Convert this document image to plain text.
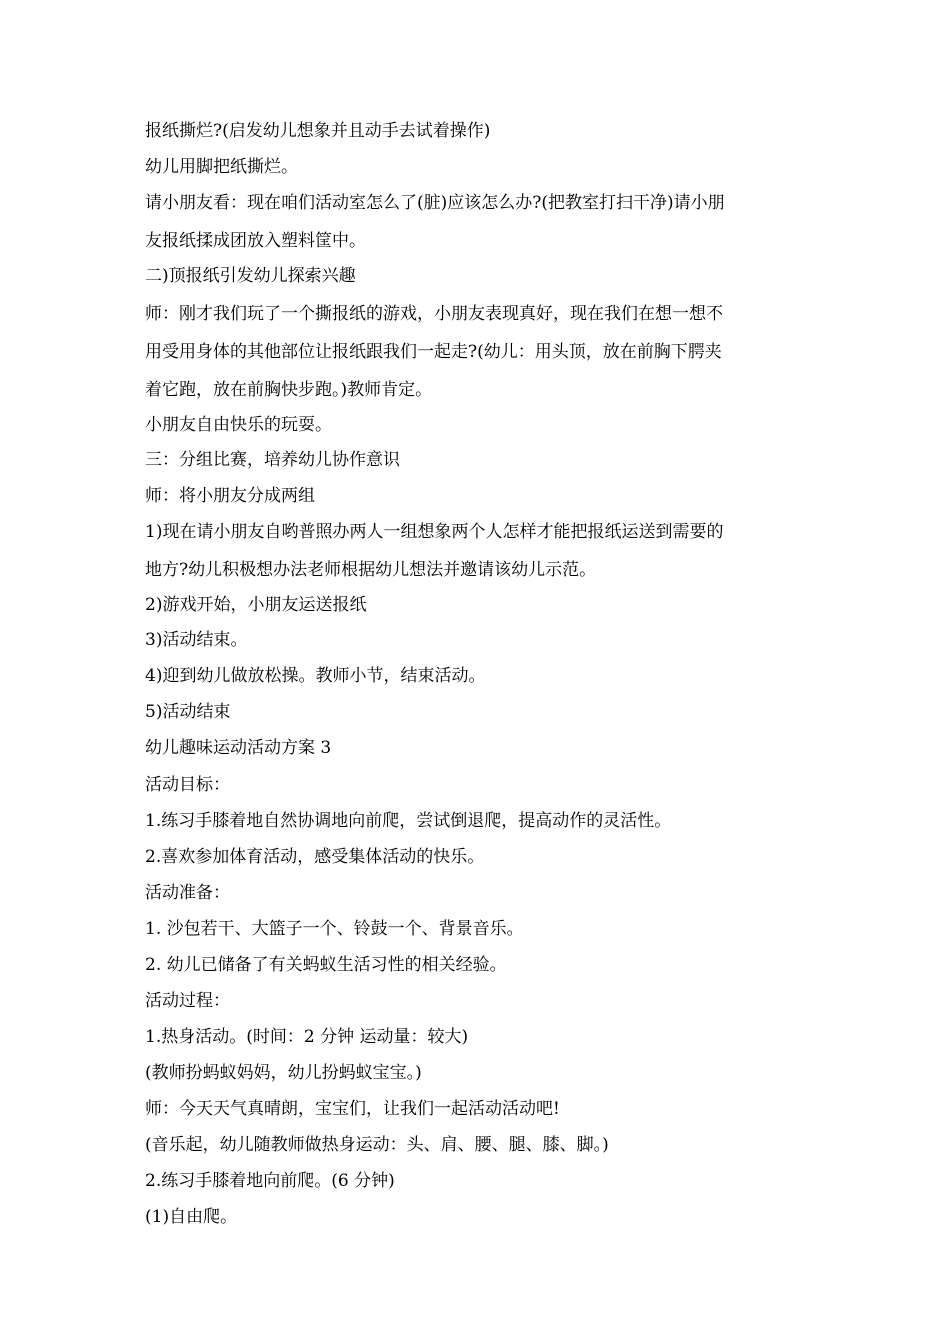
报纸撕烂?(启发幼儿想象并且动手去试着操作)
幼儿用脚把纸撕烂。
请小朋友看：现在咱们活动室怎么了(脏)应该怎么办?(把教室打扫干净)请小朋
友报纸揉成团放入塑料筐中。
二)顶报纸引发幼儿探索兴趣
师：刚才我们玩了一个撕报纸的游戏，小朋友表现真好，现在我们在想一想不
用受用身体的其他部位让报纸跟我们一起走?(幼儿：用头顶，放在前胸下腭夹
着它跑，放在前胸快步跑。)教师肯定。
小朋友自由快乐的玩耍。
三：分组比赛，培养幼儿协作意识
师：将小朋友分成两组
1)现在请小朋友自哟普照办两人一组想象两个人怎样才能把报纸运送到需要的
地方?幼儿积极想办法老师根据幼儿想法并邀请该幼儿示范。
2)游戏开始，小朋友运送报纸
3)活动结束。
4)迎到幼儿做放松操。教师小节，结束活动。
5)活动结束
幼儿趣味运动活动方案 3
活动目标：
1.练习手膝着地自然协调地向前爬，尝试倒退爬，提高动作的灵活性。
2.喜欢参加体育活动，感受集体活动的快乐。
活动准备：
1. 沙包若干、大篮子一个、铃鼓一个、背景音乐。
2. 幼儿已储备了有关蚂蚁生活习性的相关经验。
活动过程：
1.热身活动。(时间：2 分钟 运动量：较大)
(教师扮蚂蚁妈妈，幼儿扮蚂蚁宝宝。)
师：今天天气真晴朗，宝宝们，让我们一起活动活动吧!
(音乐起，幼儿随教师做热身运动：头、肩、腰、腿、膝、脚。)
2.练习手膝着地向前爬。(6 分钟)
(1)自由爬。
